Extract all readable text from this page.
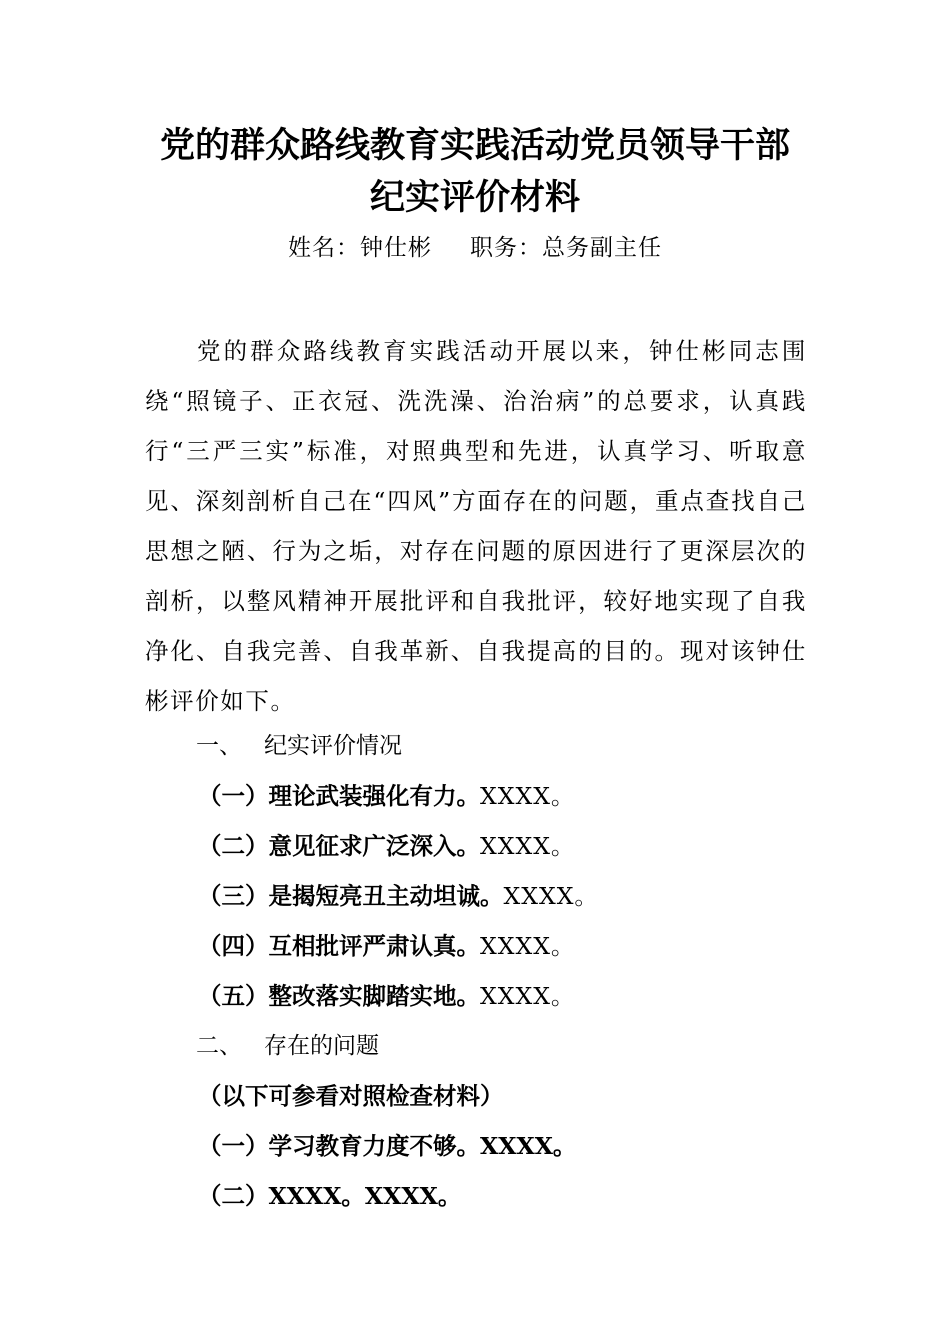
党的群众路线教育实践活动党员领导干部
纪实评价材料
姓名：钟仕彬 职务：总务副主任

党的群众路线教育实践活动开展以来，钟仕彬同志围绕“照镜子、正衣冠、洗洗澡、治治病”的总要求，认真践行“三严三实”标准，对照典型和先进，认真学习、听取意见、深刻剖析自己在“四风”方面存在的问题，重点查找自己思想之陋、行为之垢，对存在问题的原因进行了更深层次的剖析，以整风精神开展批评和自我批评，较好地实现了自我净化、自我完善、自我革新、自我提高的目的。现对该钟仕彬评价如下。

一、 纪实评价情况
（一）理论武装强化有力。XXXX。
（二）意见征求广泛深入。XXXX。
（三）是揭短亮丑主动坦诚。XXXX。
（四）互相批评严肃认真。XXXX。
（五）整改落实脚踏实地。XXXX。
二、 存在的问题
（以下可参看对照检查材料）
（一）学习教育力度不够。XXXX。
（二）XXXX。XXXX。
